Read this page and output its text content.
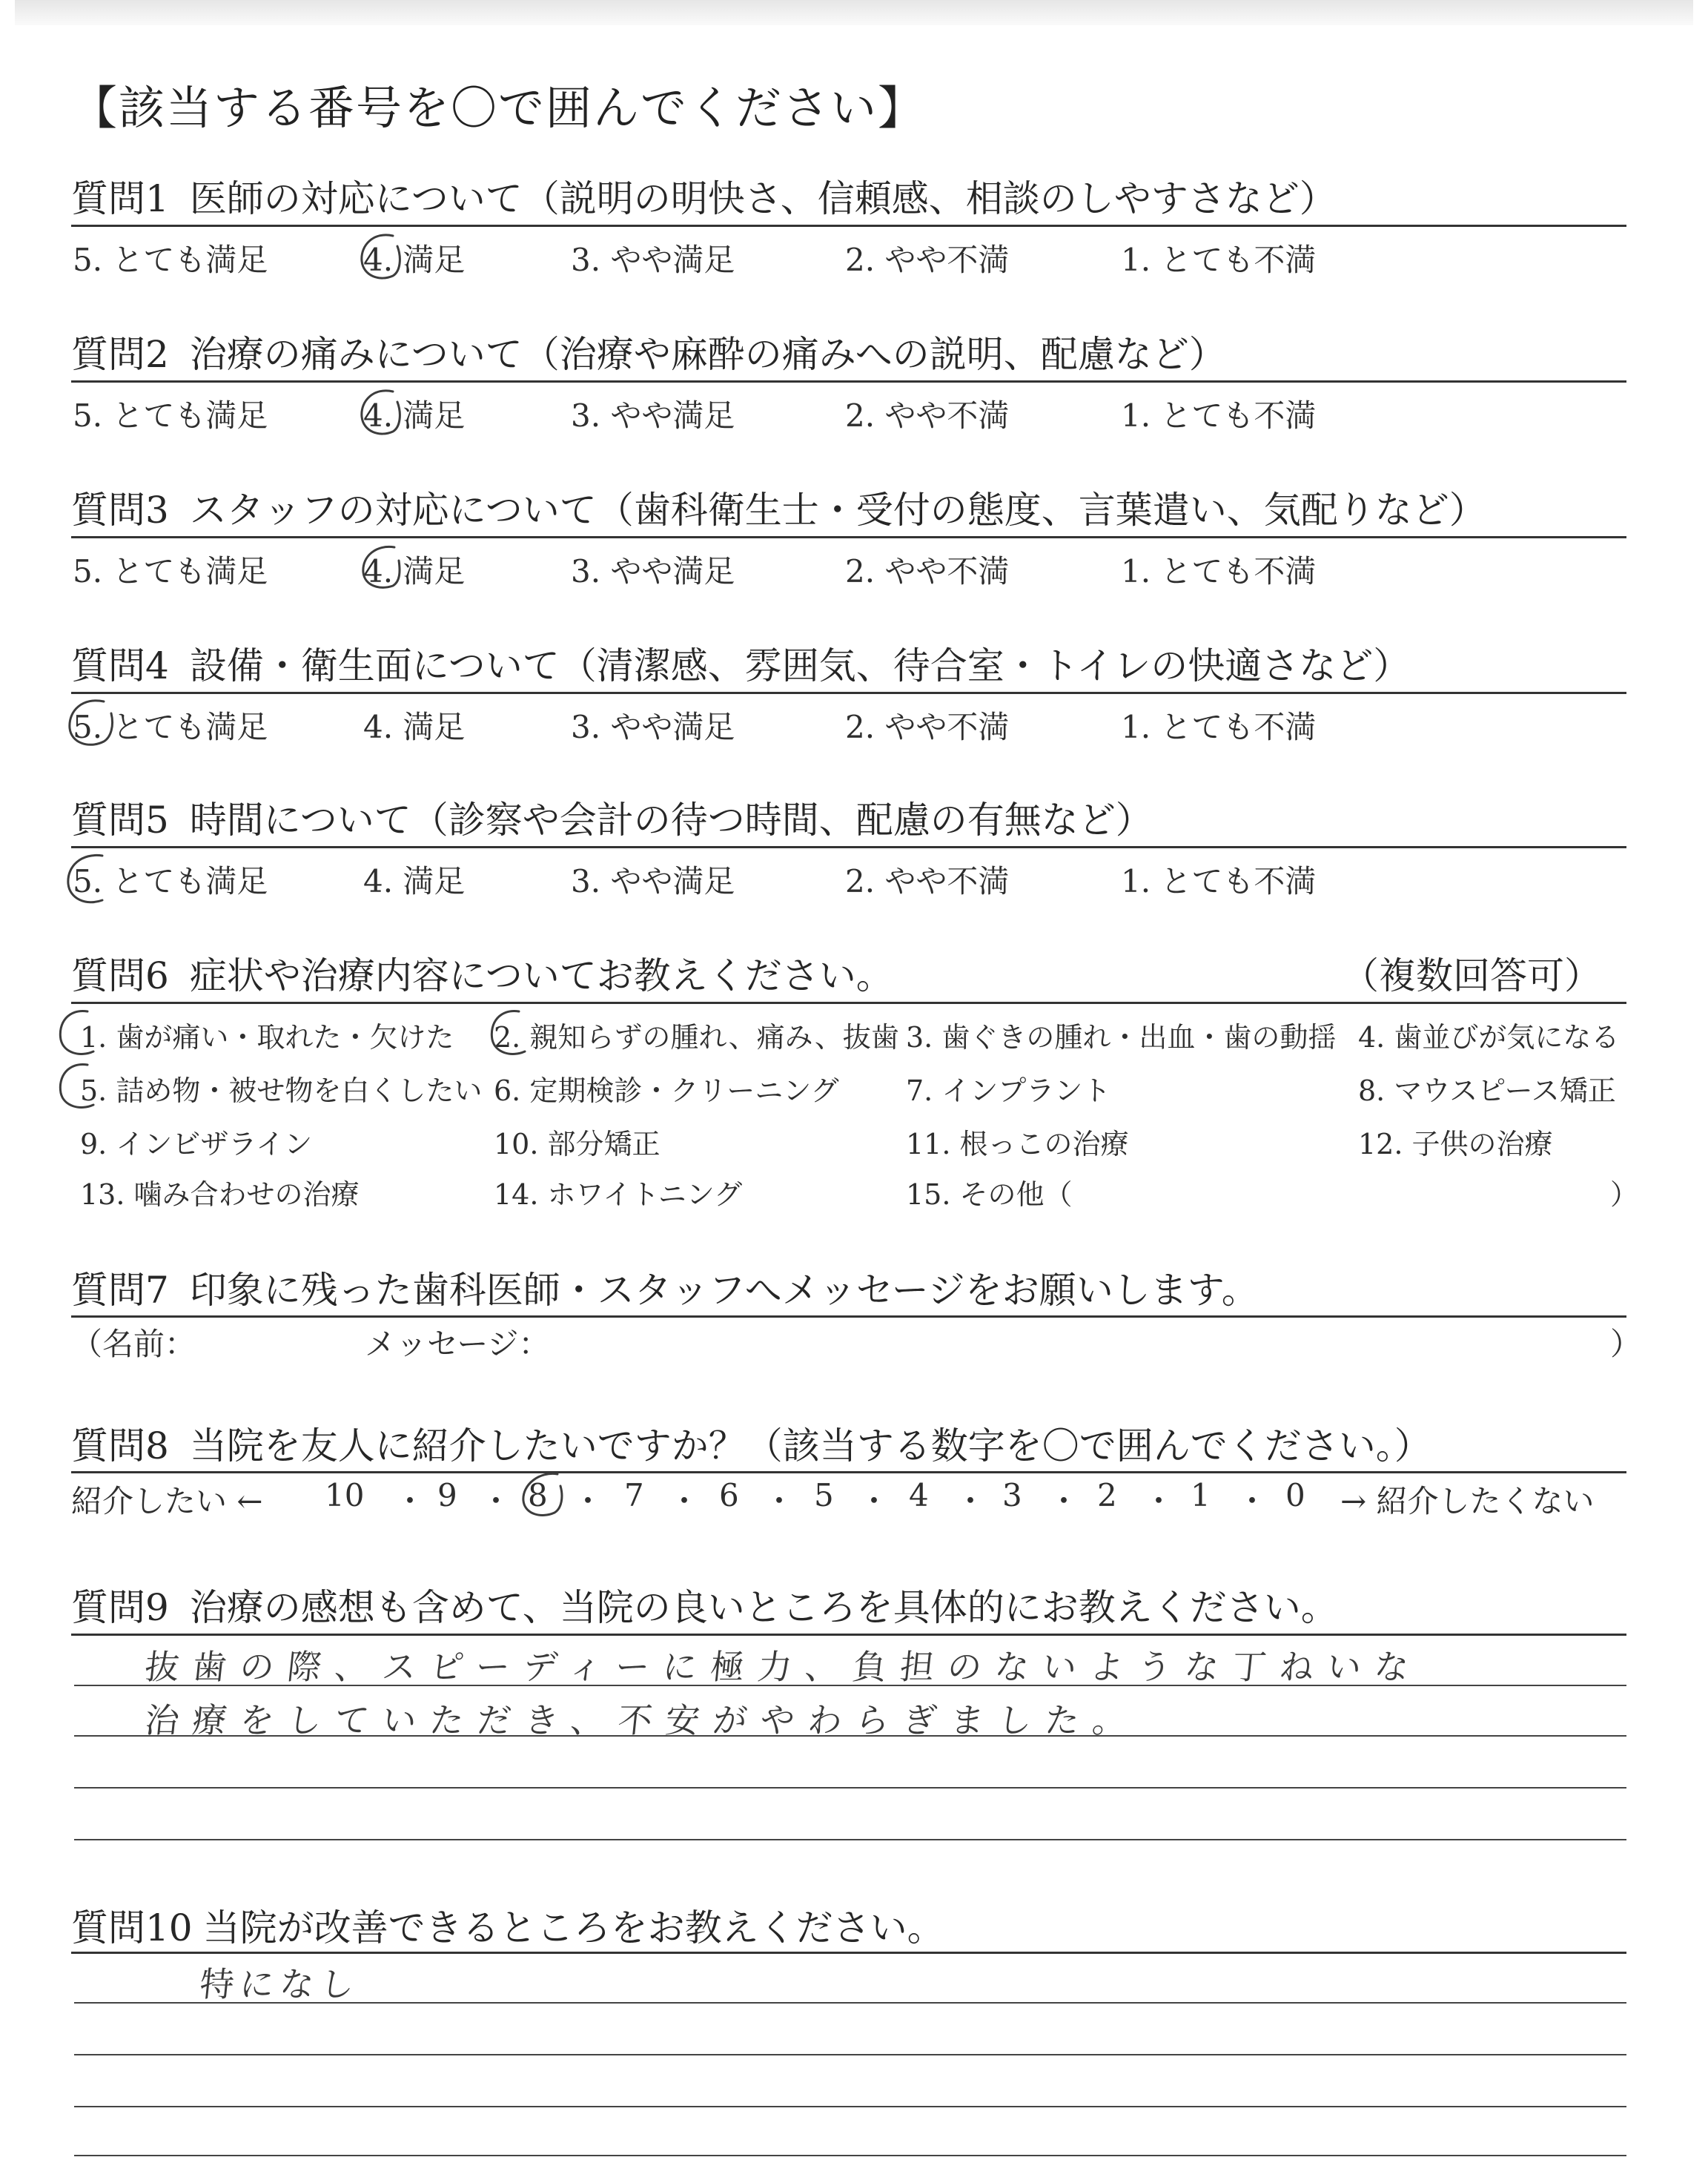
【該当する番号を〇で囲んでください】
質問1 医師の対応について（説明の明快さ、信頼感、相談のしやすさなど）
5. とても満足	4. 満足	3. やや満足	2. やや不満	1. とても不満
質問2 治療の痛みについて（治療や麻酔の痛みへの説明、配慮など）
5. とても満足	4. 満足	3. やや満足	2. やや不満	1. とても不満
質問3 スタッフの対応について（歯科衛生士・受付の態度、言葉遣い、気配りなど）
5. とても満足	4. 満足	3. やや満足	2. やや不満	1. とても不満
質問4 設備・衛生面について（清潔感、雰囲気、待合室・トイレの快適さなど）
5. とても満足	4. 満足	3. やや満足	2. やや不満	1. とても不満
質問5 時間について（診察や会計の待つ時間、配慮の有無など）
5. とても満足	4. 満足	3. やや満足	2. やや不満	1. とても不満
質問6 症状や治療内容についてお教えください。	（複数回答可）
1. 歯が痛い・取れた・欠けた 2. 親知らずの腫れ、痛み、抜歯 3. 歯ぐきの腫れ・出血・歯の動揺 4. 歯並びが気になる
5. 詰め物・被せ物を白くしたい 6. 定期検診・クリーニング 7. インプラント	8. マウスピース矯正
9. インビザライン	10. 部分矯正	11. 根っこの治療	12. 子供の治療
13. 噛み合わせの治療	14. ホワイトニング	15. その他（	）
質問7 印象に残った歯科医師・スタッフへメッセージをお願いします。
（名前：	メッセージ：	）
質問8 当院を友人に紹介したいですか？（該当する数字を〇で囲んでください。）
紹介したい ←	→ 紹介したくない
10 ・ 9 ・ 8 ・ 7 ・ 6 ・ 5 ・ 4 ・ 3 ・ 2 ・ 1 ・ 0
質問9 治療の感想も含めて、当院の良いところを具体的にお教えください。
抜歯の際、スピーディーに極力、負担のないような丁ねいな
治療をしていただき、不安がやわらぎました。
質問10 当院が改善できるところをお教えください。
特になし
